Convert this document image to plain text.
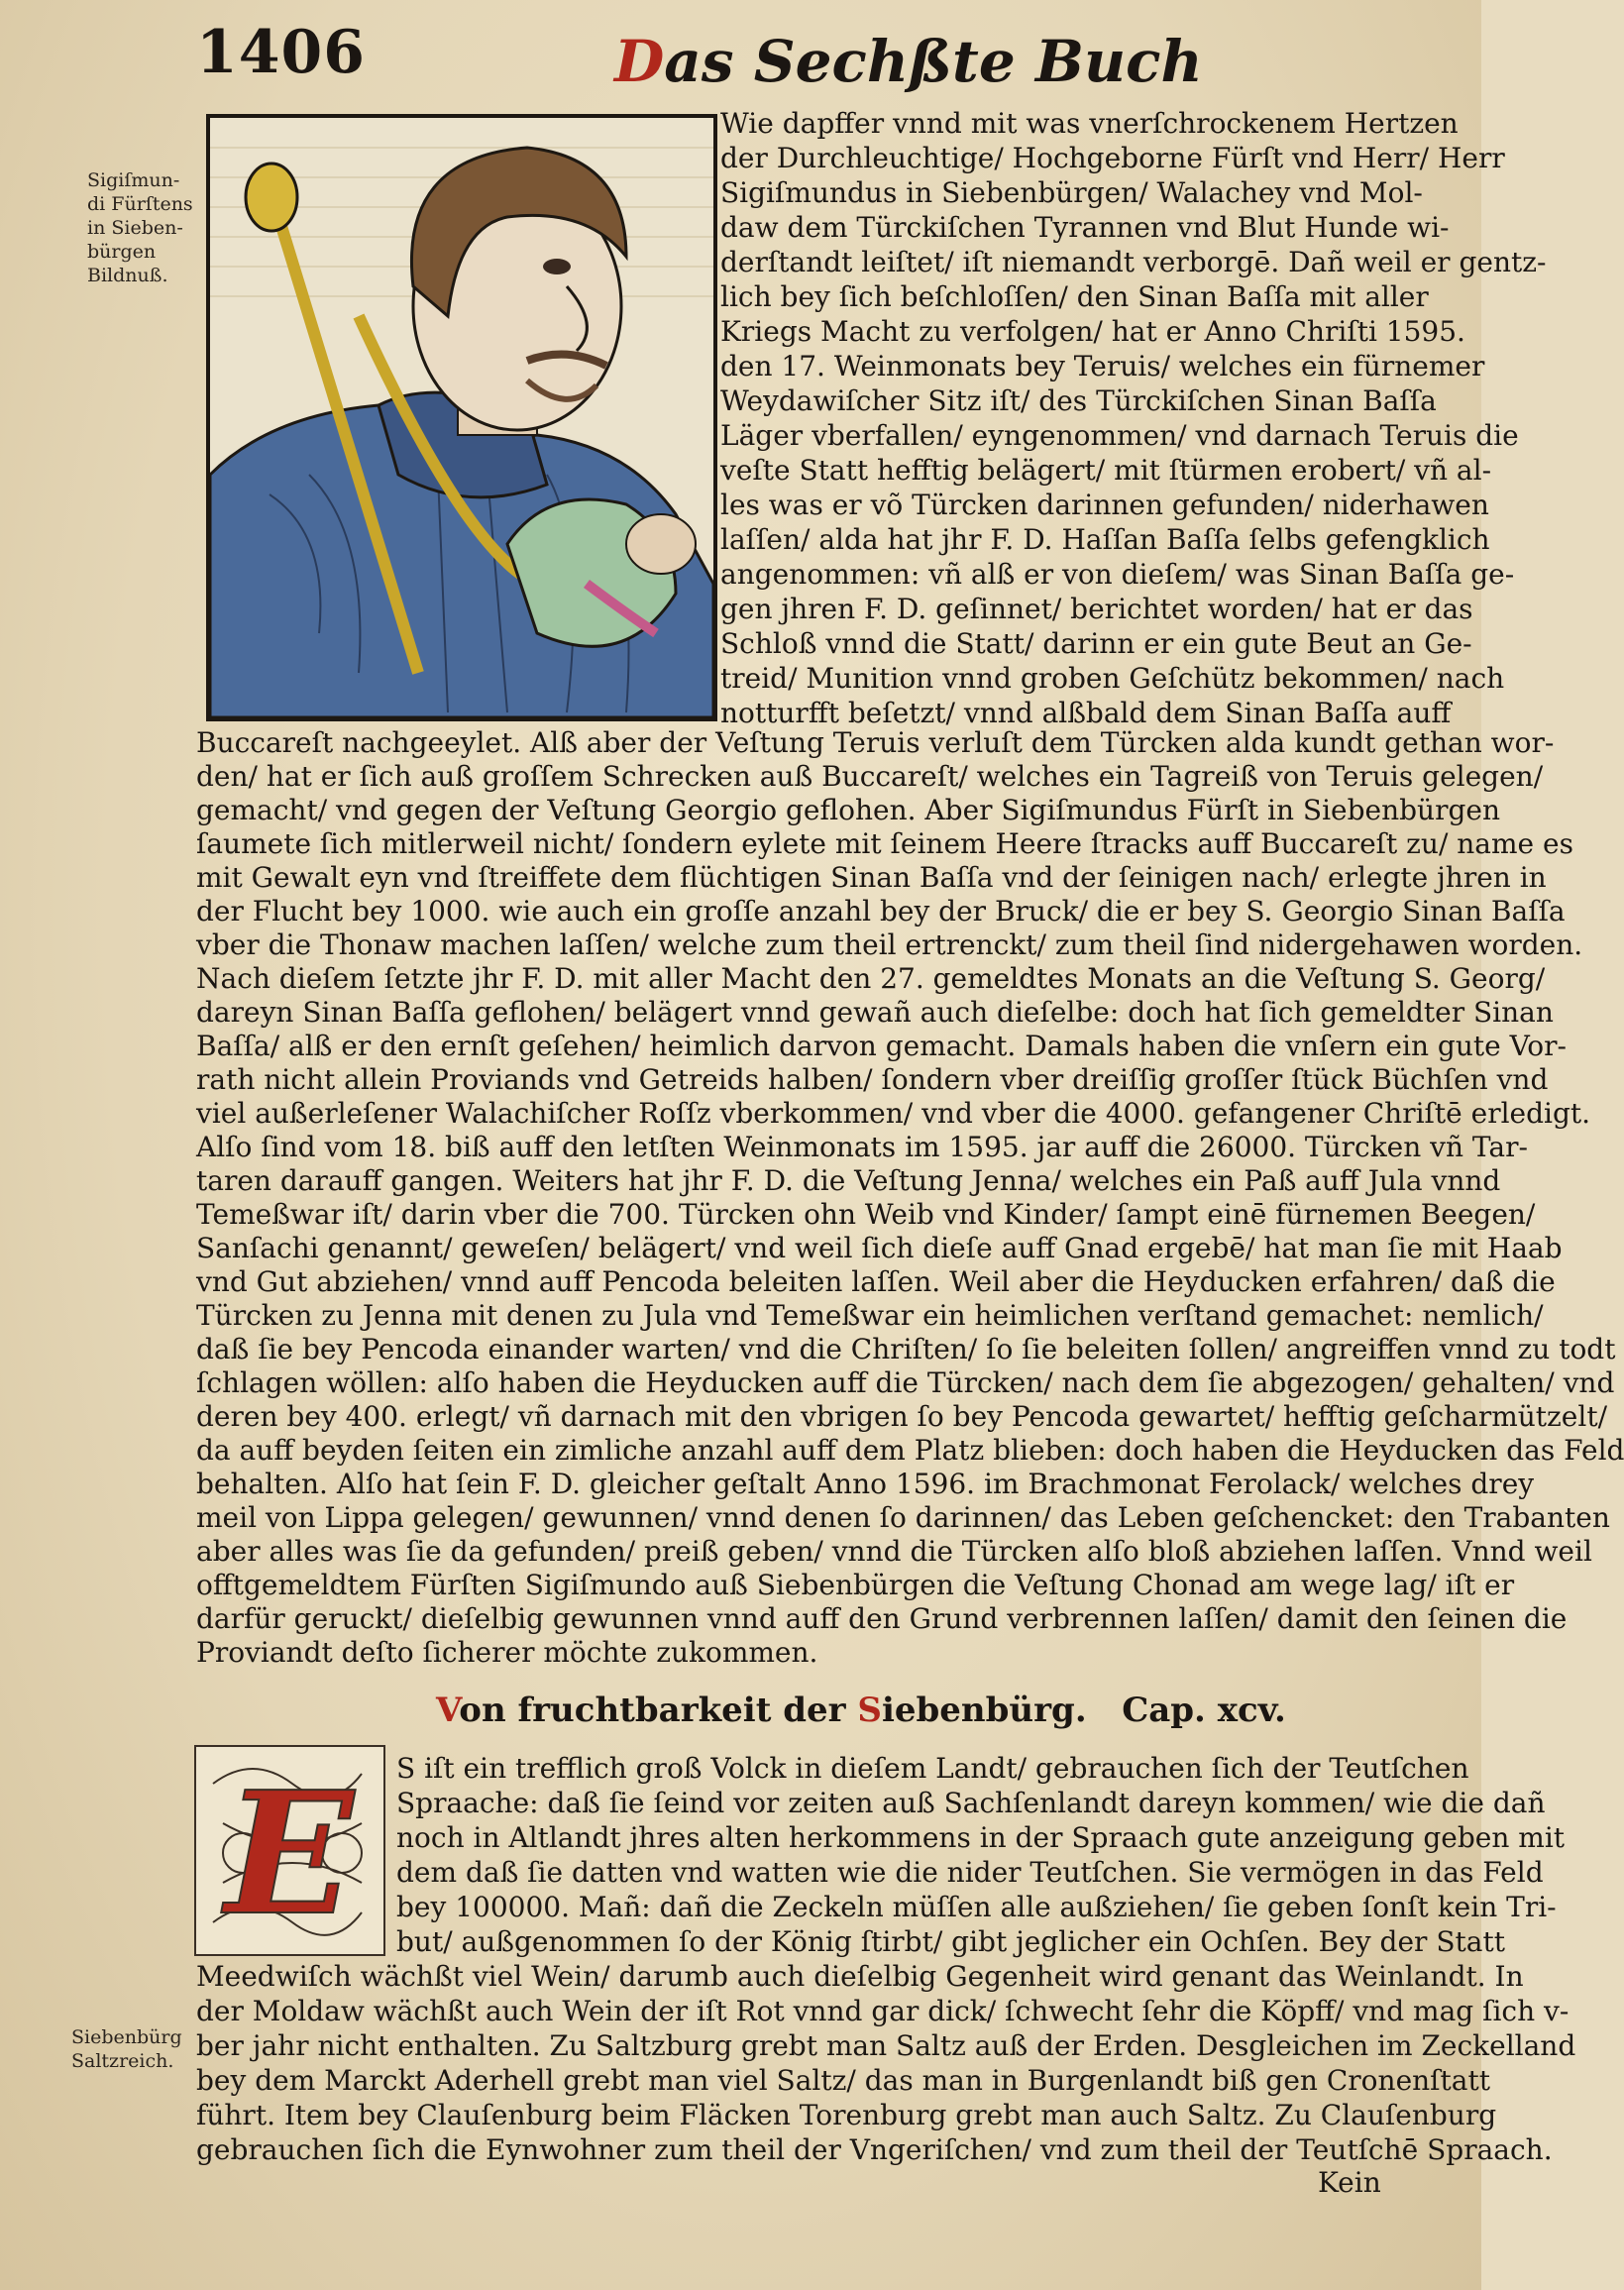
1406	Das Sechßte Buch
Sigiſmun-
di Fürſtens
in Sieben-
bürgen
Bildnuß.
Wie dapffer vnnd mit was vnerſchrockenem Hertzen
der Durchleuchtige/ Hochgeborne Fürſt vnd Herr/ Herr
Sigiſmundus in Siebenbürgen/ Walachey vnd Mol-
daw dem Türckiſchen Tyrannen vnd Blut Hunde wi-
derſtandt leiſtet/ iſt niemandt verborgē. Dañ weil er gentz-
lich bey ſich beſchloſſen/ den Sinan Baſſa mit aller
Kriegs Macht zu verfolgen/ hat er Anno Chriſti 1595.
den 17. Weinmonats bey Teruis/ welches ein fürnemer
Weydawiſcher Sitz iſt/ des Türckiſchen Sinan Baſſa
Läger vberfallen/ eyngenommen/ vnd darnach Teruis die
veſte Statt hefftig belägert/ mit ſtürmen erobert/ vñ al-
les was er võ Türcken darinnen gefunden/ niderhawen
laſſen/ alda hat jhr F. D. Haſſan Baſſa ſelbs gefengklich
angenommen: vñ alß er von dieſem/ was Sinan Baſſa ge-
gen jhren F. D. geſinnet/ berichtet worden/ hat er das
Schloß vnnd die Statt/ darinn er ein gute Beut an Ge-
treid/ Munition vnnd groben Geſchütz bekommen/ nach
notturfft beſetzt/ vnnd alßbald dem Sinan Baſſa auff
Buccareſt nachgeeylet. Alß aber der Veſtung Teruis verluſt dem Türcken alda kundt gethan wor-
den/ hat er ſich auß groſſem Schrecken auß Buccareſt/ welches ein Tagreiß von Teruis gelegen/
gemacht/ vnd gegen der Veſtung Georgio geflohen. Aber Sigiſmundus Fürſt in Siebenbürgen
ſaumete ſich mitlerweil nicht/ ſondern eylete mit ſeinem Heere ſtracks auff Buccareſt zu/ name es
mit Gewalt eyn vnd ſtreiffete dem flüchtigen Sinan Baſſa vnd der ſeinigen nach/ erlegte jhren in
der Flucht bey 1000. wie auch ein groſſe anzahl bey der Bruck/ die er bey S. Georgio Sinan Baſſa
vber die Thonaw machen laſſen/ welche zum theil ertrenckt/ zum theil ſind nidergehawen worden.
Nach dieſem ſetzte jhr F. D. mit aller Macht den 27. gemeldtes Monats an die Veſtung S. Georg/
dareyn Sinan Baſſa geflohen/ belägert vnnd gewañ auch dieſelbe: doch hat ſich gemeldter Sinan
Baſſa/ alß er den ernſt geſehen/ heimlich darvon gemacht. Damals haben die vnſern ein gute Vor-
rath nicht allein Proviands vnd Getreids halben/ ſondern vber dreiſſig groſſer ſtück Büchſen vnd
viel außerleſener Walachiſcher Roſſz vberkommen/ vnd vber die 4000. gefangener Chriſtē erledigt.
Alſo ſind vom 18. biß auff den letſten Weinmonats im 1595. jar auff die 26000. Türcken vñ Tar-
taren darauff gangen. Weiters hat jhr F. D. die Veſtung Jenna/ welches ein Paß auff Jula vnnd
Temeßwar iſt/ darin vber die 700. Türcken ohn Weib vnd Kinder/ ſampt einē fürnemen Beegen/
Sanſachi genannt/ geweſen/ belägert/ vnd weil ſich dieſe auff Gnad ergebē/ hat man ſie mit Haab
vnd Gut abziehen/ vnnd auff Pencoda beleiten laſſen. Weil aber die Heyducken erfahren/ daß die
Türcken zu Jenna mit denen zu Jula vnd Temeßwar ein heimlichen verſtand gemachet: nemlich/
daß ſie bey Pencoda einander warten/ vnd die Chriſten/ ſo ſie beleiten ſollen/ angreiffen vnnd zu todt
ſchlagen wöllen: alſo haben die Heyducken auff die Türcken/ nach dem ſie abgezogen/ gehalten/ vnd
deren bey 400. erlegt/ vñ darnach mit den vbrigen ſo bey Pencoda gewartet/ hefftig geſcharmützelt/
da auff beyden ſeiten ein zimliche anzahl auff dem Platz blieben: doch haben die Heyducken das Feld
behalten. Alſo hat ſein F. D. gleicher geſtalt Anno 1596. im Brachmonat Ferolack/ welches drey
meil von Lippa gelegen/ gewunnen/ vnnd denen ſo darinnen/ das Leben geſchencket: den Trabanten
aber alles was ſie da gefunden/ preiß geben/ vnnd die Türcken alſo bloß abziehen laſſen. Vnnd weil
offtgemeldtem Fürſten Sigiſmundo auß Siebenbürgen die Veſtung Chonad am wege lag/ iſt er
darfür geruckt/ dieſelbig gewunnen vnnd auff den Grund verbrennen laſſen/ damit den ſeinen die
Proviandt deſto ſicherer möchte zukommen.
Von fruchtbarkeit der Siebenbürg. Cap. xcv.
E S iſt ein trefflich groß Volck in dieſem Landt/ gebrauchen ſich der Teutſchen
Spraache: daß ſie ſeind vor zeiten auß Sachſenlandt dareyn kommen/ wie die dañ
noch in Altlandt jhres alten herkommens in der Spraach gute anzeigung geben mit
dem daß ſie datten vnd watten wie die nider Teutſchen. Sie vermögen in das Feld
bey 100000. Mañ: dañ die Zeckeln müſſen alle außziehen/ ſie geben ſonſt kein Tri-
but/ außgenommen ſo der König ſtirbt/ gibt jeglicher ein Ochſen. Bey der Statt
Meedwiſch wächßt viel Wein/ darumb auch dieſelbig Gegenheit wird genant das Weinlandt. In
der Moldaw wächßt auch Wein der iſt Rot vnnd gar dick/ ſchwecht ſehr die Köpff/ vnd mag ſich v-
ber jahr nicht enthalten. Zu Saltzburg grebt man Saltz auß der Erden. Desgleichen im Zeckelland
bey dem Marckt Aderhell grebt man viel Saltz/ das man in Burgenlandt biß gen Cronenſtatt
führt. Item bey Clauſenburg beim Fläcken Torenburg grebt man auch Saltz. Zu Clauſenburg
gebrauchen ſich die Eynwohner zum theil der Vngeriſchen/ vnd zum theil der Teutſchē Spraach.
Siebenbürg
Saltzreich.
Kein
